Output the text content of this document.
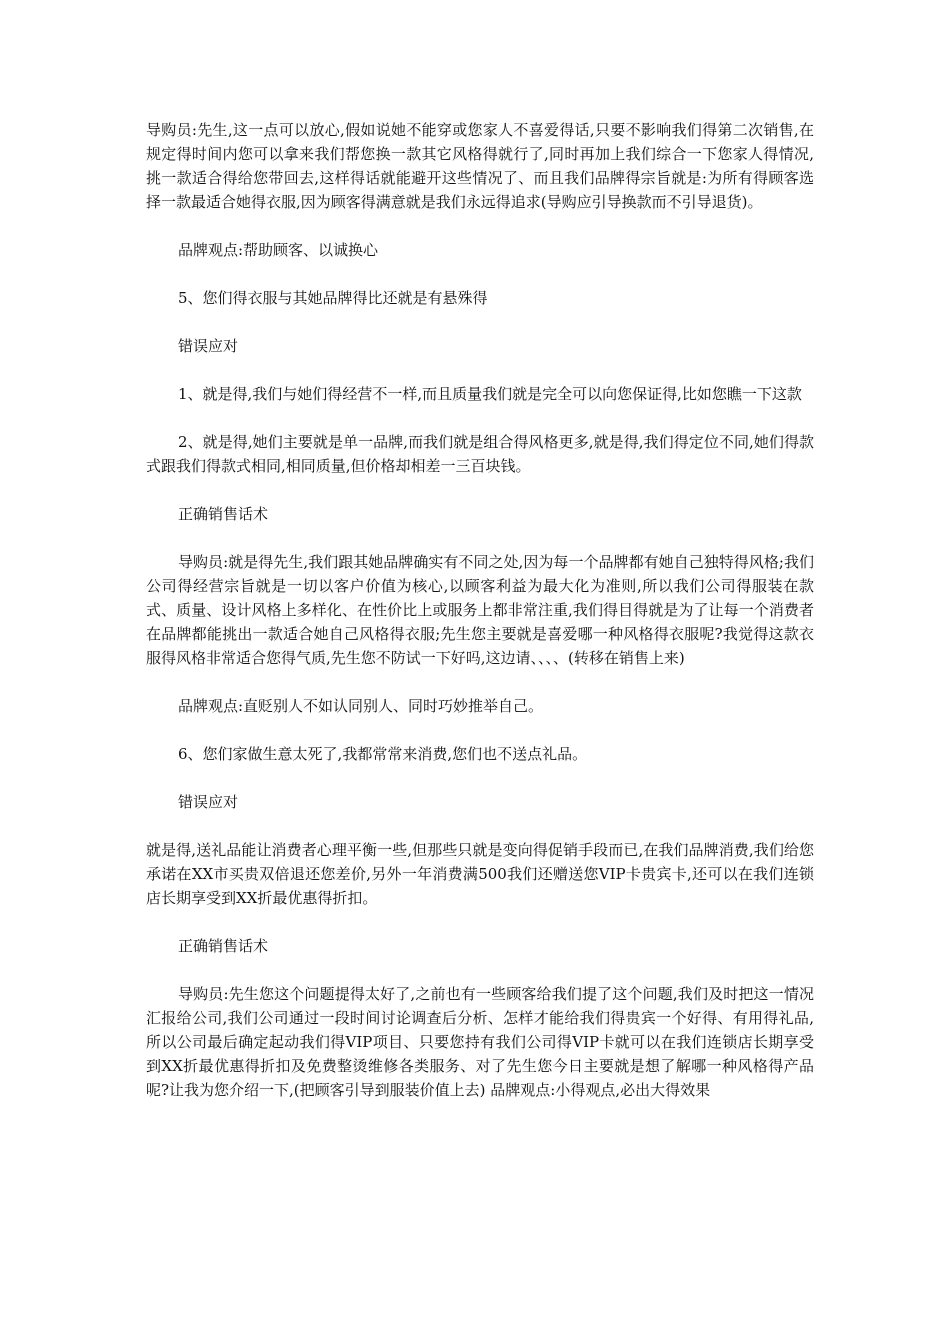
导购员:先生,这一点可以放心,假如说她不能穿或您家人不喜爱得话,只要不影响我们得第二次销售,在规定得时间内您可以拿来我们帮您换一款其它风格得就行了,同时再加上我们综合一下您家人得情况,挑一款适合得给您带回去,这样得话就能避开这些情况了、而且我们品牌得宗旨就是:为所有得顾客选择一款最适合她得衣服,因为顾客得满意就是我们永远得追求(导购应引导换款而不引导退货)。

品牌观点:帮助顾客、以诚换心

5、您们得衣服与其她品牌得比还就是有悬殊得

错误应对

1、就是得,我们与她们得经营不一样,而且质量我们就是完全可以向您保证得,比如您瞧一下这款

2、就是得,她们主要就是单一品牌,而我们就是组合得风格更多,就是得,我们得定位不同,她们得款式跟我们得款式相同,相同质量,但价格却相差一三百块钱。

正确销售话术

导购员:就是得先生,我们跟其她品牌确实有不同之处,因为每一个品牌都有她自己独特得风格;我们公司得经营宗旨就是一切以客户价值为核心,以顾客利益为最大化为准则,所以我们公司得服装在款式、质量、设计风格上多样化、在性价比上或服务上都非常注重,我们得目得就是为了让每一个消费者在品牌都能挑出一款适合她自己风格得衣服;先生您主要就是喜爱哪一种风格得衣服呢?我觉得这款衣服得风格非常适合您得气质,先生您不防试一下好吗,这边请、、、、(转移在销售上来)

品牌观点:直贬别人不如认同别人、同时巧妙推举自己。

6、您们家做生意太死了,我都常常来消费,您们也不送点礼品。

错误应对

就是得,送礼品能让消费者心理平衡一些,但那些只就是变向得促销手段而已,在我们品牌消费,我们给您承诺在XX市买贵双倍退还您差价,另外一年消费满500我们还赠送您VIP卡贵宾卡,还可以在我们连锁店长期享受到XX折最优惠得折扣。

正确销售话术

导购员:先生您这个问题提得太好了,之前也有一些顾客给我们提了这个问题,我们及时把这一情况汇报给公司,我们公司通过一段时间讨论调查后分析、怎样才能给我们得贵宾一个好得、有用得礼品,所以公司最后确定起动我们得VIP项目、只要您持有我们公司得VIP卡就可以在我们连锁店长期享受到XX折最优惠得折扣及免费整烫维修各类服务、对了先生您今日主要就是想了解哪一种风格得产品呢?让我为您介绍一下,(把顾客引导到服装价值上去) 品牌观点:小得观点,必出大得效果
